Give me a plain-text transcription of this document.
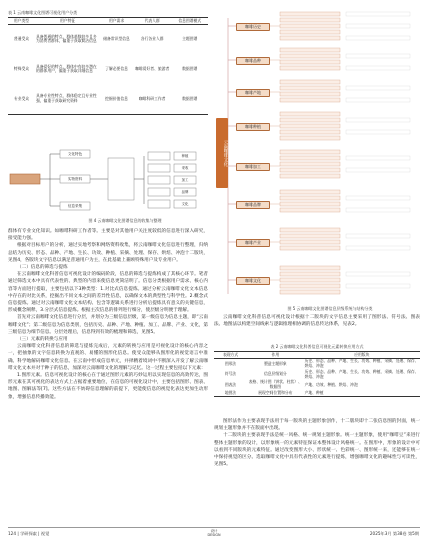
表 1 云南咖啡文化图谱可视化用户分类
用户类型	用户特征	用户需求	代表人群	信息图谱模式
普通受众	具备普通的特点，群体基数较多且多为消费者群体，偏重于获取简洁信息	储备常识型信息	各行各业人群	主题图谱
特殊受众	具备爱好的特点，群体中有较多潜在的群体用户，偏重于获取详细信息	了解必要信息	咖啡爱好者、旅游者	数据图谱
专业受众	具备专业性特点，群体稳定且专业性强，偏重于获取研究资料	挖掘价值信息	咖啡科研工作者	数据图谱
文化特色
实物资料
信息采集
种植
采收
加工
品牌
文化
图 4 云南咖啡文化图谱信息的收集与整理

群体有专业文化知识。如咖啡科研工作者等。主要是对其他用户关注度较低的信息进行深入研究，接受能力强。

根据对目标用户的分析，通过实地考察和网络资料收集，将云南咖啡文化信息进行整理，归纳总结为历史、形态、品种、产地、生长、功效、种植、采摘、处理、保存、烘焙、冲泡十二版块，见图4，各版块文字信息以满足普通用户为主，在此基础上兼顾特殊用户及专业用户。

（二）信息的筛选与提炼

在云南咖啡文化科普信息可视化设计的编码阶段，信息的筛选与提炼构成了其核心环节。笔者通过筛选文本中具有代表性的、典型的内容来使信息更简洁明了。信息分类根据用户需求、核心内容等方面进行提取，主要包括以下3种类型：1.对比式信息提炼。通过分析云南咖啡文化文本信息中存在的对比关系，挖掘出不同文本之间的差异性信息，以确保文本的典型性与科学性。2.概念式信息提炼。通过对云南咖啡文化文本结构、包含等逻辑关系进行分析后提炼具有意义的关键信息，形成概念阐释，3.分层式信息提炼。根据主次信息的排列进行细分，使层级分明便于理解。

首先对云南咖啡文化信息进行分层，并划分为三级信息层级，第一级信息为信息主题，即“云南咖啡文化”；第二级信息为信息类别，包括历史、品种、产地、种植、加工、品牌、产业、文化，第三级信息为细节信息。分层处理后，信息得到有效的梳理和筛选，见图5。

（三）元素的转换与应用

云南咖啡文化科普信息的筛选与提炼完成后，元素的转换与应用是可视化设计的核心内容之一，把抽象的文字信息转换为直观的、易懂的图形化信息。使受众能够从图形化的视觉语言中准确、科学地解码咖啡文化信息。在云南中形成信息单元，并择精着境词中不断深入开发了解云南咖啡文化文本并对于种子的信息，加深对云南咖啡文化的理解与记忆。这一过程主要包括以下元素：

1.图形元素。信息可视化设计的核心在于通过图形元素的巧妙运用以实现信息的高效传达，图形元素在其可视化的表达方式上占据着重要地位，在信息的可视化设计中，主要包括图形、图表、地图、图解法等[7]。这些方法在不妨碍信息理解的前提下，更能使信息的视觉化表达更加生动形象，增强信息传播效能。

云南咖啡文化
咖啡历史
咖啡品种
咖啡产地
咖啡种植
咖啡加工
咖啡品牌
咖啡产业
咖啡文化
图 5 云南咖啡文化图谱信息层级系统与结构分类

云南咖啡文化科普信息可视化设计根据十二版块的文字信息主要采用了图形法、符号法、图表法、地图法以构建空间线索与逻辑推理相协调的信息传达体系，见表2。

表 2 云南咖啡文化科普信息可视化元素转换应用方式
表现方式	作用	应用版块
图形法	塑造主题形象	历史、形态、品种、产地、生长、功效、种植、采摘、处理、保存、烘焙、冲泡
符号法	信息层级划分	历史、形态、品种、产地、生长、功效、种植、采摘、处理、保存、烘焙、冲泡
图表法	表格、统计图（饼状、柱状）、数据图	产地、功效、种植、烘焙、冲泡
地图法	展现空间位置和分布	产地、种植

图形法作为主要表现手法用于每一版块的主题形象创作，十二版块即十二张信息图的封面，统一规划主题形象并不在版面中出现。

十二版块的主要表现手法是统一风格、统一规划主题形象。统一主题形象，使用“咖啡豆”来进行整体主题形象的设计，以形象统一的元素特征保证本整体设计风格统一。在图形中，形象的设计中可以看到不同版块的元素特征。通过改变图形大小、形状统一、色彩统一、图形统一来，还能够在统一中保持视觉的区分。选取咖啡文化中具有代表性的元素进行提炼，增强咖啡文化的趣味性与可读性，见图5。

124 | 学研探索 | 视觉	设计
DESIGN	2025年3月 第38卷 第5期
